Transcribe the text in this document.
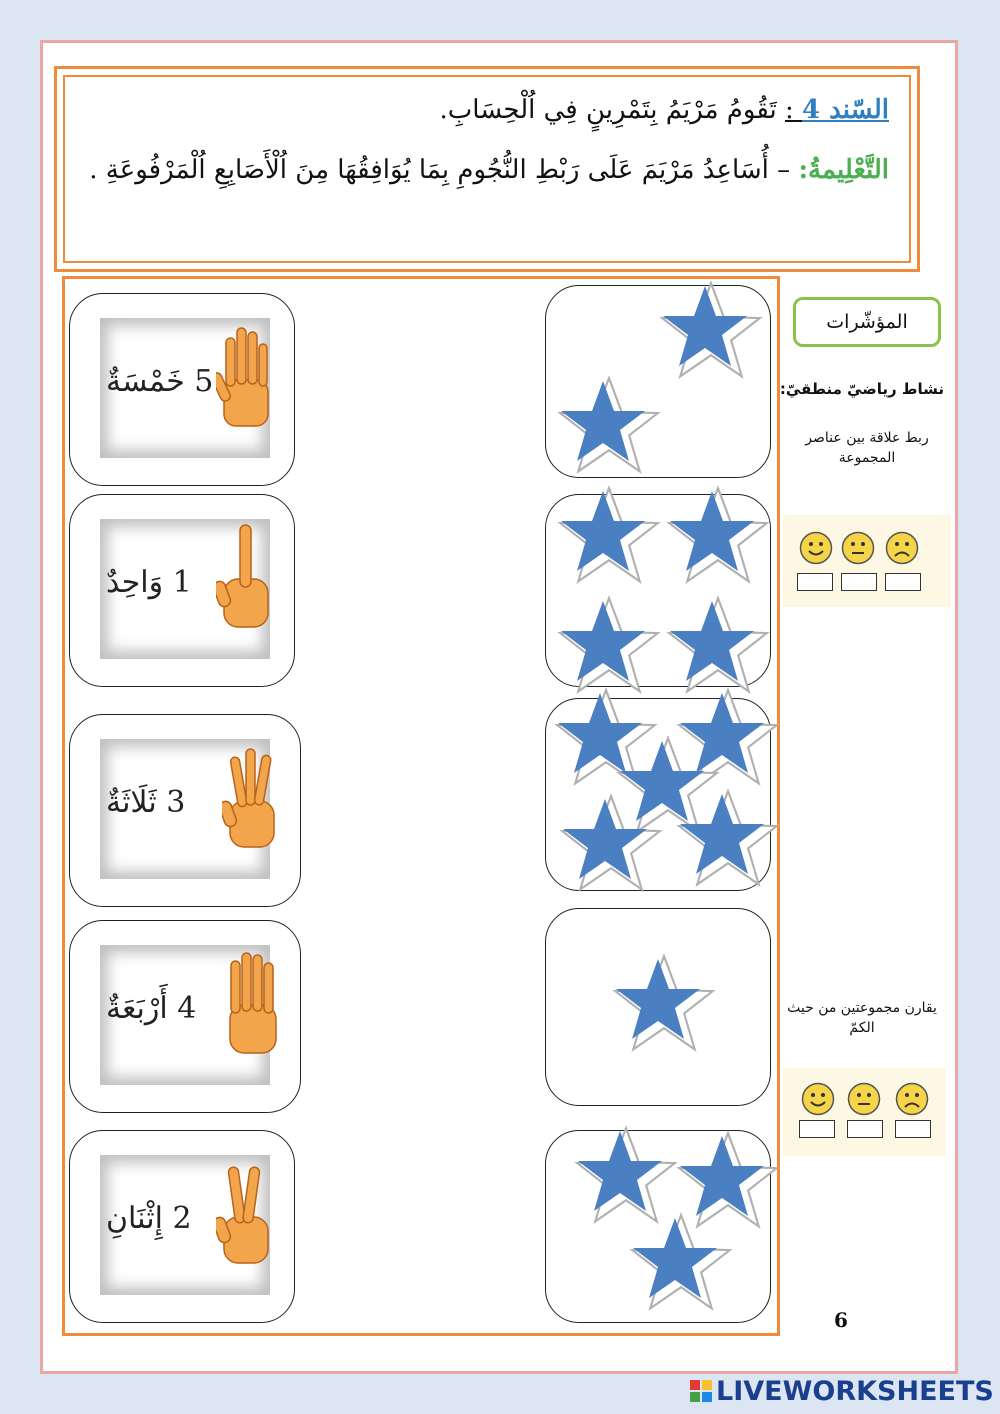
السّند 4 : تَقُومُ مَرْيَمُ بِتَمْرِينٍ فِي اُلْحِسَابِ.
التَّعْلِيمةُ: – أُسَاعِدُ مَرْيَمَ عَلَى رَبْطِ النُّجُومِ بِمَا يُوَافِقُهَا مِنَ اُلْأَصَابِعِ اُلْمَرْفُوعَةِ .
5 خَمْسَةٌ
1 وَاحِدٌ
3 ثَلَاثَةٌ
4 أَرْبَعَةٌ
2 إِثْنَانِ
المؤشّرات
نشاط رياضيّ منطقيّ:
ربط علاقة بين عناصر المجموعة
يقارن مجموعتين من حيث الكمّ
6
LIVEWORKSHEETS
